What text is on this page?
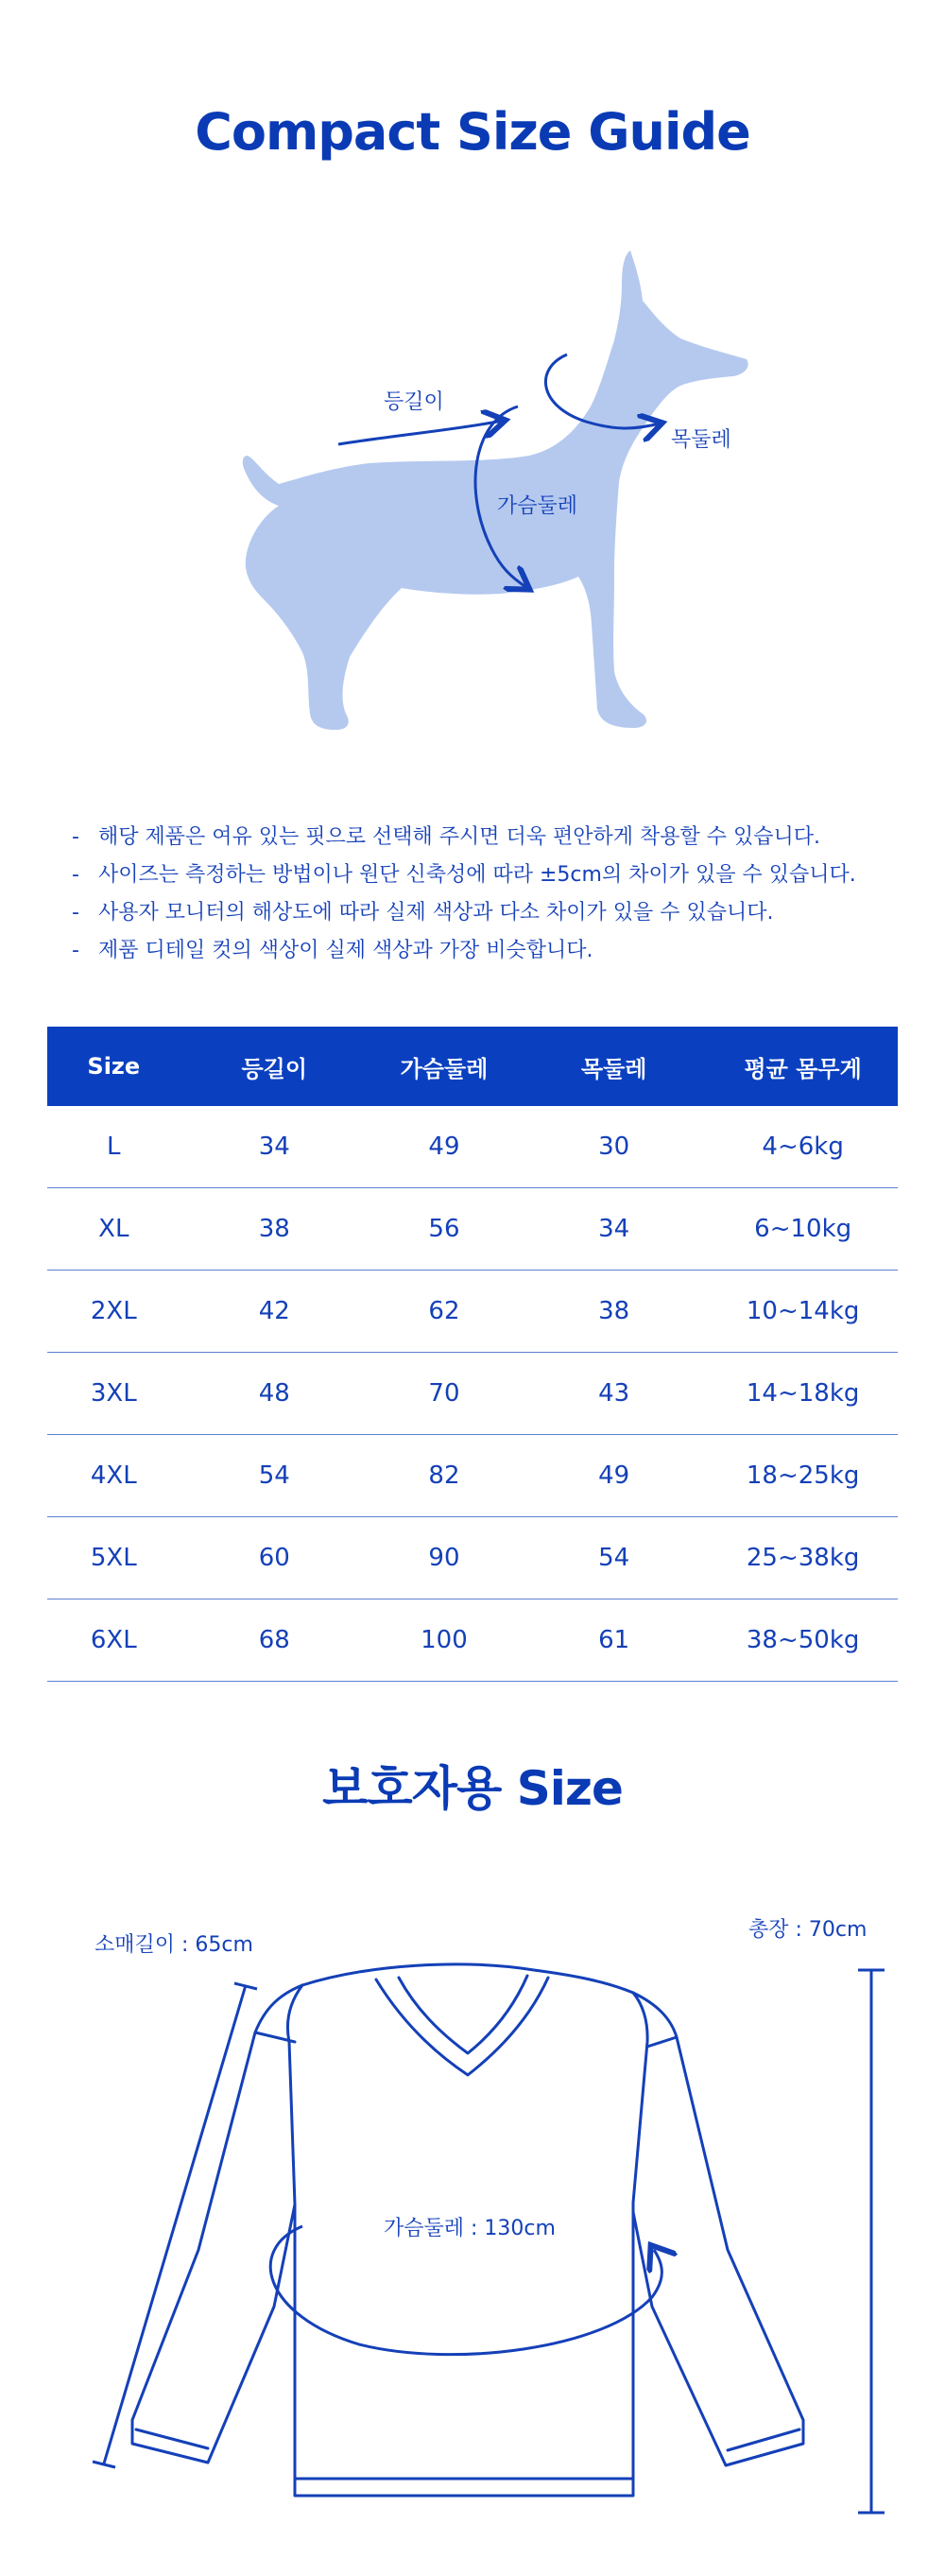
Compact Size Guide
등길이
목둘레
가슴둘레
- 해당 제품은 여유 있는 핏으로 선택해 주시면 더욱 편안하게 착용할 수 있습니다.
- 사이즈는 측정하는 방법이나 원단 신축성에 따라 ±5cm의 차이가 있을 수 있습니다.
- 사용자 모니터의 해상도에 따라 실제 색상과 다소 차이가 있을 수 있습니다.
- 제품 디테일 컷의 색상이 실제 색상과 가장 비슷합니다.
Size	등길이	가슴둘레	목둘레	평균 몸무게
L	34	49	30	4~6kg
XL	38	56	34	6~10kg
2XL	42	62	38	10~14kg
3XL	48	70	43	14~18kg
4XL	54	82	49	18~25kg
5XL	60	90	54	25~38kg
6XL	68	100	61	38~50kg
보호자용 Size
소매길이 : 65cm
총장 : 70cm
가슴둘레 : 130cm
